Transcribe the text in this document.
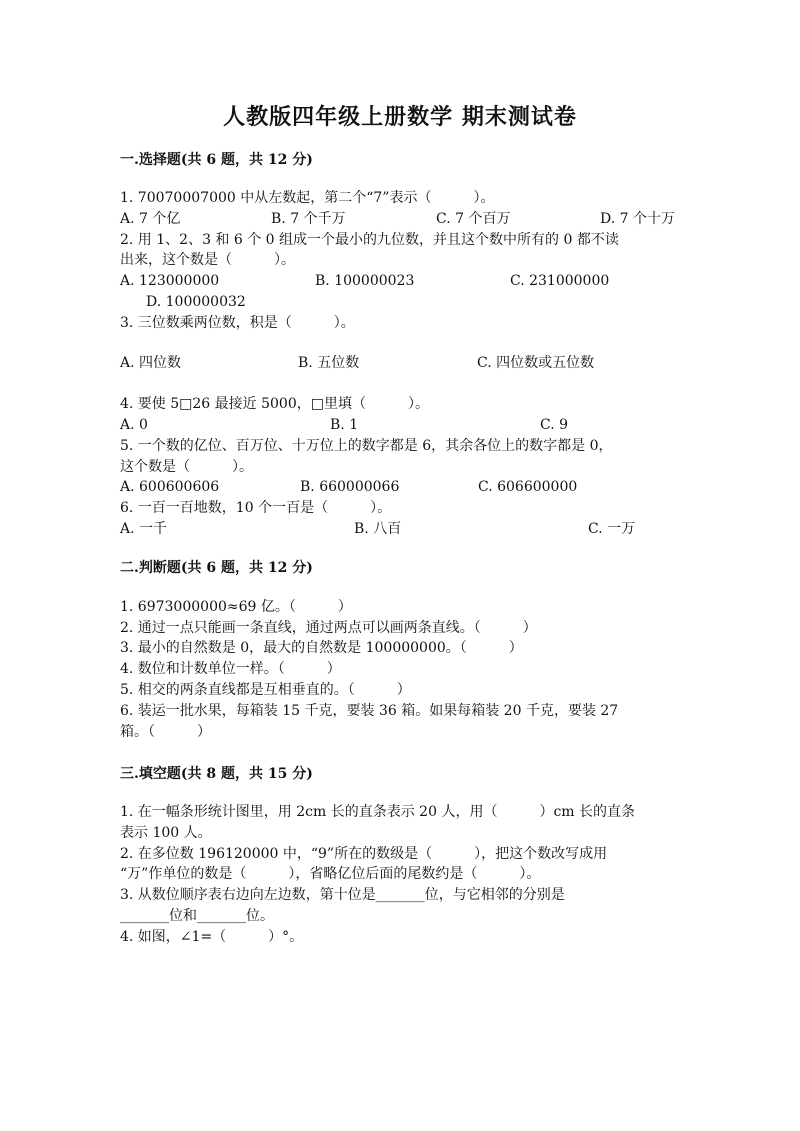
人教版四年级上册数学 期末测试卷
一.选择题(共 6 题，共 12 分)
1. 70070007000 中从左数起，第二个“7”表示（　　　）。
A. 7 个亿	B. 7 个千万	C. 7 个百万	D. 7 个十万
2. 用 1、2、3 和 6 个 0 组成一个最小的九位数，并且这个数中所有的 0 都不读
出来，这个数是（　　　）。
A. 123000000	B. 100000023	C. 231000000
D. 100000032
3. 三位数乘两位数，积是（　　　）。
A. 四位数	B. 五位数	C. 四位数或五位数
4. 要使 5□26 最接近 5000，□里填（　　　）。
A. 0	B. 1	C. 9
5. 一个数的亿位、百万位、十万位上的数字都是 6，其余各位上的数字都是 0，
这个数是（　　　）。
A. 600600606	B. 660000066	C. 606600000
6. 一百一百地数，10 个一百是（　　　）。
A. 一千	B. 八百	C. 一万
二.判断题(共 6 题，共 12 分)
1. 6973000000≈69 亿。（　　　）
2. 通过一点只能画一条直线，通过两点可以画两条直线。（　　　）
3. 最小的自然数是 0，最大的自然数是 100000000。（　　　）
4. 数位和计数单位一样。（　　　）
5. 相交的两条直线都是互相垂直的。（　　　）
6. 装运一批水果，每箱装 15 千克，要装 36 箱。如果每箱装 20 千克，要装 27
箱。（　　　）
三.填空题(共 8 题，共 15 分)
1. 在一幅条形统计图里，用 2cm 长的直条表示 20 人，用（　　　）cm 长的直条
表示 100 人。
2. 在多位数 196120000 中，“9”所在的数级是（　　　），把这个数改写成用
“万”作单位的数是（　　　），省略亿位后面的尾数约是（　　　）。
3. 从数位顺序表右边向左边数，第十位是_______位，与它相邻的分别是
_______位和_______位。
4. 如图，∠1=（　　　）°。
